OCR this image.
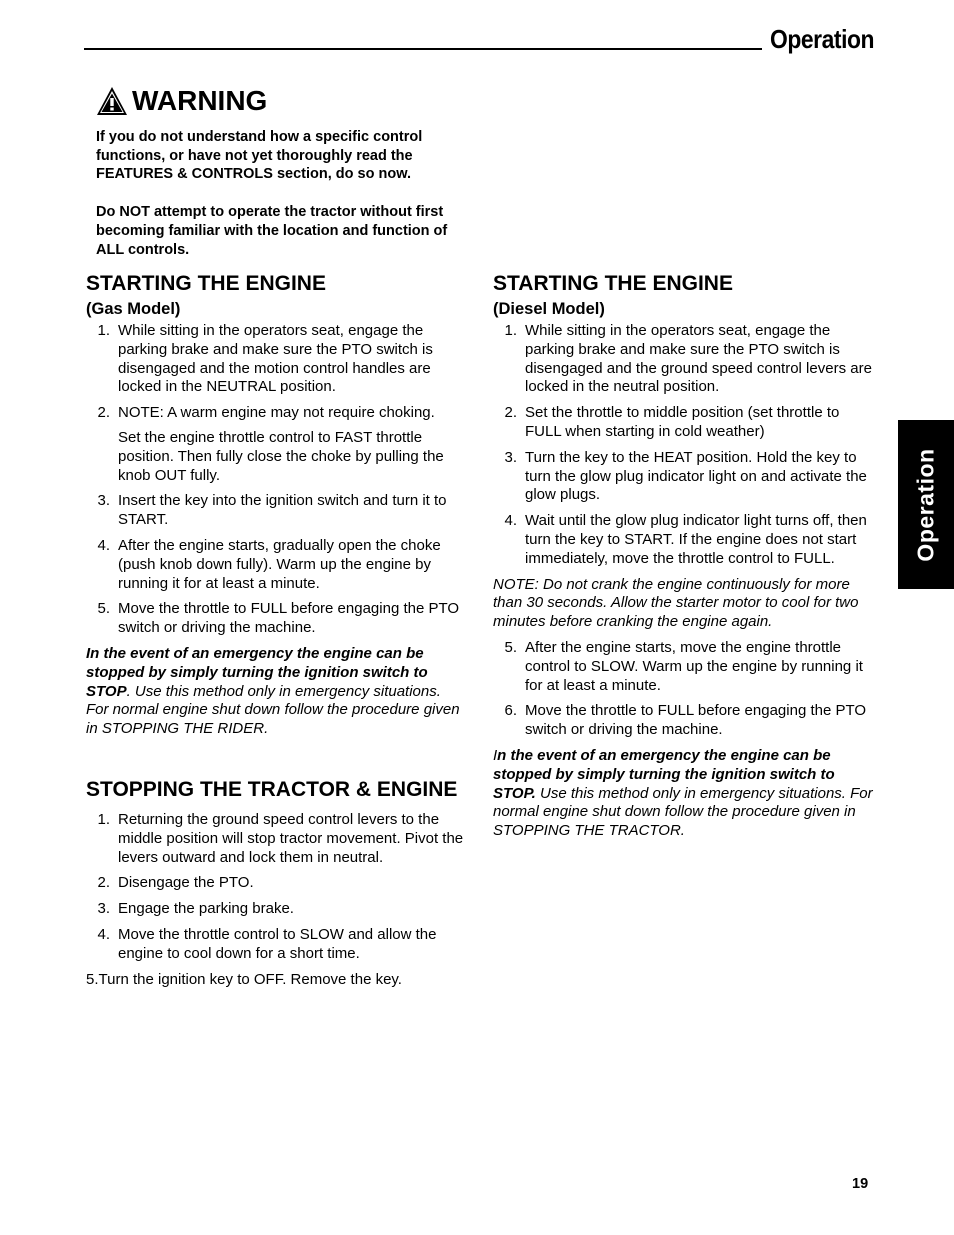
Operation
Operation
WARNING

If you do not understand how a specific control functions, or have not yet thoroughly read the FEATURES & CONTROLS section, do so now.

Do NOT attempt to operate the tractor without first becoming familiar with the location and function of ALL controls.

STARTING THE ENGINE
(Gas Model)
1. While sitting in the operators seat, engage the parking brake and make sure the PTO switch is disengaged and the motion control handles are locked in the NEUTRAL position.
2. NOTE: A warm engine may not require choking.
Set the engine throttle control to FAST throttle position. Then fully close the choke by pulling the knob OUT fully.
3. Insert the key into the ignition switch and turn it to START.
4. After the engine starts, gradually open the choke (push knob down fully). Warm up the engine by running it for at least a minute.
5. Move the throttle to FULL before engaging the PTO switch or driving the machine.

In the event of an emergency the engine can be stopped by simply turning the ignition switch to STOP. Use this method only in emergency situations. For normal engine shut down follow the procedure given in STOPPING THE RIDER.

STOPPING THE TRACTOR & ENGINE
1. Returning the ground speed control levers to the middle position will stop tractor movement. Pivot the levers outward and lock them in neutral.
2. Disengage the PTO.
3. Engage the parking brake.
4. Move the throttle control to SLOW and allow the engine to cool down for a short time.

5.Turn the ignition key to OFF. Remove the key.

STARTING THE ENGINE
(Diesel Model)
1. While sitting in the operators seat, engage the parking brake and make sure the PTO switch is disengaged and the ground speed control levers are locked in the neutral position.
2. Set the throttle to middle position (set throttle to FULL when starting in cold weather)
3. Turn the key to the HEAT position. Hold the key to turn the glow plug indicator light on and activate the glow plugs.
4. Wait until the glow plug indicator light turns off, then turn the key to START. If the engine does not start immediately, move the throttle control to FULL.

NOTE: Do not crank the engine continuously for more than 30 seconds. Allow the starter motor to cool for two minutes before cranking the engine again.

5. After the engine starts, move the engine throttle control to SLOW. Warm up the engine by running it for at least a minute.
6. Move the throttle to FULL before engaging the PTO switch or driving the machine.

In the event of an emergency the engine can be stopped by simply turning the ignition switch to STOP. Use this method only in emergency situations. For normal engine shut down follow the procedure given in STOPPING THE TRACTOR.

19
